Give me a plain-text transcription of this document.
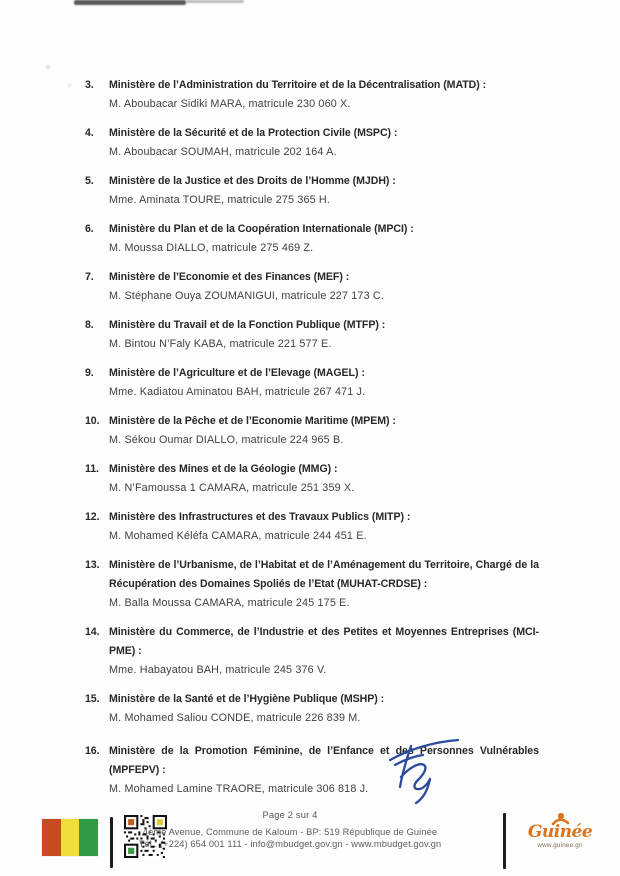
3.	Ministère de l’Administration du Territoire et de la Décentralisation (MATD) :
M. Aboubacar Sidiki MARA, matricule 230 060 X.
4.	Ministère de la Sécurité et de la Protection Civile (MSPC) :
M. Aboubacar SOUMAH, matricule 202 164 A.
5.	Ministère de la Justice et des Droits de l’Homme (MJDH) :
Mme. Aminata TOURE, matricule 275 365 H.
6.	Ministère du Plan et de la Coopération Internationale (MPCI) :
M. Moussa DIALLO, matricule 275 469 Z.
7.	Ministère de l’Economie et des Finances (MEF) :
M. Stéphane Ouya ZOUMANIGUI, matricule 227 173 C.
8.	Ministère du Travail et de la Fonction Publique (MTFP) :
M. Bintou N’Faly KABA, matricule 221 577 E.
9.	Ministère de l’Agriculture et de l’Elevage (MAGEL) :
Mme. Kadiatou Aminatou BAH, matricule 267 471 J.
10. Ministère de la Pêche et de l’Economie Maritime (MPEM) :
M. Sékou Oumar DIALLO, matricule 224 965 B.
11. Ministère des Mines et de la Géologie (MMG) :
M. N’Famoussa 1 CAMARA, matricule 251 359 X.
12. Ministère des Infrastructures et des Travaux Publics (MITP) :
M. Mohamed Kéléfa CAMARA, matricule 244 451 E.
13. Ministère de l’Urbanisme, de l’Habitat et de l’Aménagement du Territoire, Chargé de la Récupération des Domaines Spoliés de l’Etat (MUHAT-CRDSE) :
M. Balla Moussa CAMARA, matricule 245 175 E.
14. Ministère du Commerce, de l’Industrie et des Petites et Moyennes Entreprises (MCI-PME) :
Mme. Habayatou BAH, matricule 245 376 V.
15. Ministère de la Santé et de l’Hygiène Publique (MSHP) :
M. Mohamed Saliou CONDE, matricule 226 839 M.
16. Ministère de la Promotion Féminine, de l’Enfance et des Personnes Vulnérables (MPFEPV) :
M. Mohamed Lamine TRAORE, matricule 306 818 J.
Page 2 sur 4
4ème Avenue, Commune de Kaloum - BP: 519 République de Guinée
Tél : (+224) 654 001 111 - info@mbudget.gov.gn - www.mbudget.gov.gn
Guinée
www.guinee.gn
